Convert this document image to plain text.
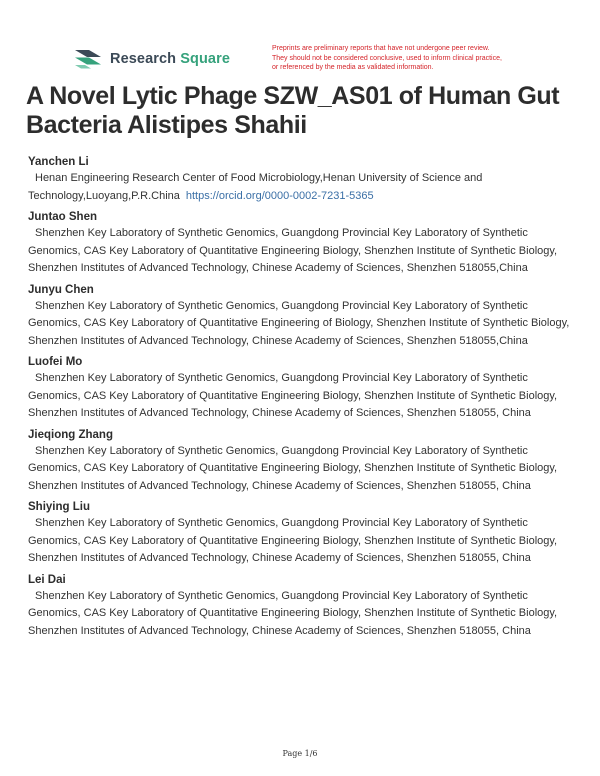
Research Square
Preprints are preliminary reports that have not undergone peer review.
They should not be considered conclusive, used to inform clinical practice,
or referenced by the media as validated information.
A Novel Lytic Phage SZW_AS01 of Human Gut Bacteria Alistipes Shahii
Yanchen Li
Henan Engineering Research Center of Food Microbiology,Henan University of Science and Technology,Luoyang,P.R.China https://orcid.org/0000-0002-7231-5365
Juntao Shen
Shenzhen Key Laboratory of Synthetic Genomics, Guangdong Provincial Key Laboratory of Synthetic Genomics, CAS Key Laboratory of Quantitative Engineering Biology, Shenzhen Institute of Synthetic Biology, Shenzhen Institutes of Advanced Technology, Chinese Academy of Sciences, Shenzhen 518055,China
Junyu Chen
Shenzhen Key Laboratory of Synthetic Genomics, Guangdong Provincial Key Laboratory of Synthetic Genomics, CAS Key Laboratory of Quantitative Engineering of Biology, Shenzhen Institute of Synthetic Biology, Shenzhen Institutes of Advanced Technology, Chinese Academy of Sciences, Shenzhen 518055,China
Luofei Mo
Shenzhen Key Laboratory of Synthetic Genomics, Guangdong Provincial Key Laboratory of Synthetic Genomics, CAS Key Laboratory of Quantitative Engineering Biology, Shenzhen Institute of Synthetic Biology, Shenzhen Institutes of Advanced Technology, Chinese Academy of Sciences, Shenzhen 518055, China
Jieqiong Zhang
Shenzhen Key Laboratory of Synthetic Genomics, Guangdong Provincial Key Laboratory of Synthetic Genomics, CAS Key Laboratory of Quantitative Engineering Biology, Shenzhen Institute of Synthetic Biology, Shenzhen Institutes of Advanced Technology, Chinese Academy of Sciences, Shenzhen 518055, China
Shiying Liu
Shenzhen Key Laboratory of Synthetic Genomics, Guangdong Provincial Key Laboratory of Synthetic Genomics, CAS Key Laboratory of Quantitative Engineering Biology, Shenzhen Institute of Synthetic Biology, Shenzhen Institutes of Advanced Technology, Chinese Academy of Sciences, Shenzhen 518055, China
Lei Dai
Shenzhen Key Laboratory of Synthetic Genomics, Guangdong Provincial Key Laboratory of Synthetic Genomics, CAS Key Laboratory of Quantitative Engineering Biology, Shenzhen Institute of Synthetic Biology, Shenzhen Institutes of Advanced Technology, Chinese Academy of Sciences, Shenzhen 518055, China
Page 1/6
